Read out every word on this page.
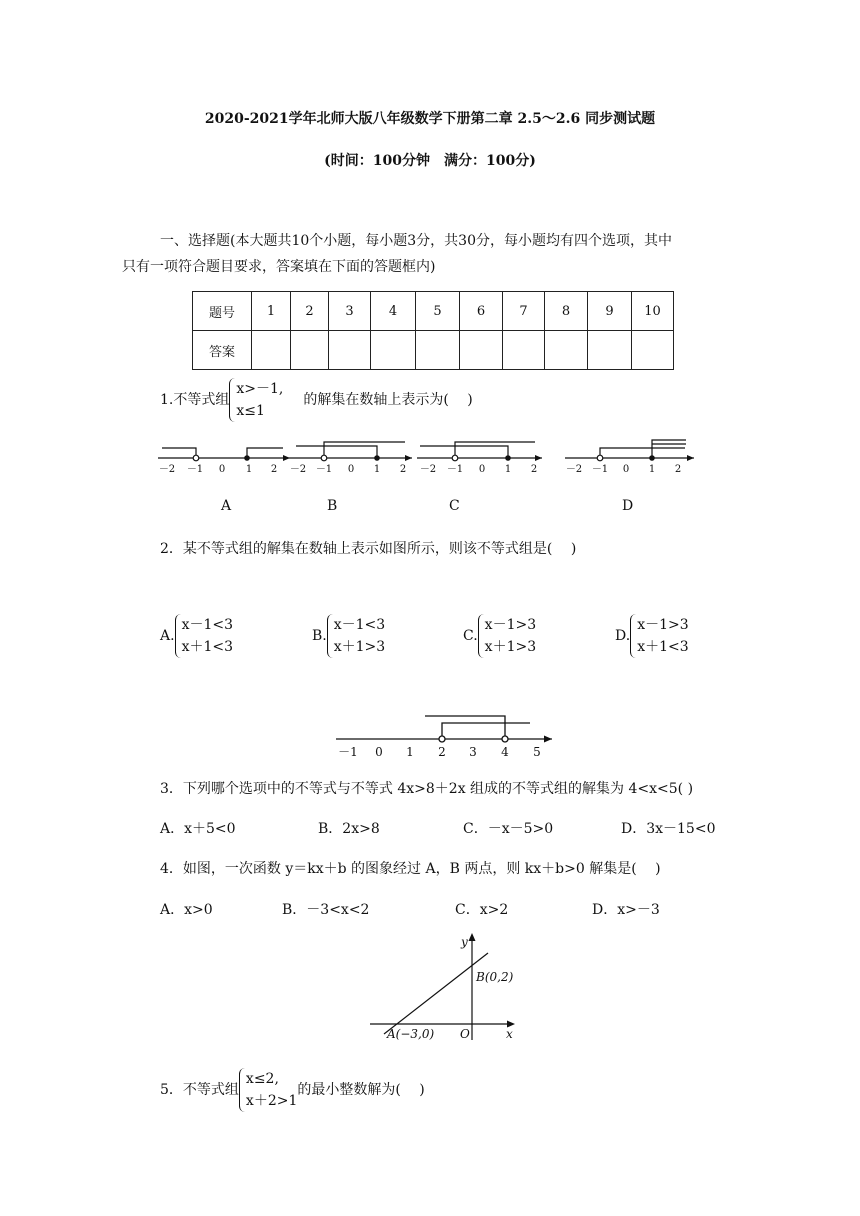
2020-2021学年北师大版八年级数学下册第二章 2.5～2.6 同步测试题
(时间：100分钟　满分：100分)
一、选择题(本大题共10个小题，每小题3分，共30分，每小题均有四个选项，其中
只有一项符合题目要求，答案填在下面的答题框内)
题号	1	2	3	4	5	6	7	8	9	10
答案										
1.不等式组
x>－1,
x≤1
的解集在数轴上表示为(　 )
－2 －1 0 1 2 －2 －1 0 1 2 －2 －1 0 1 2	－2 －1 0 1 2
A	B	C	D
2．某不等式组的解集在数轴上表示如图所示，则该不等式组是(　 )
A.
x－1<3
x＋1<3
B.
x－1<3
x＋1>3
C.
x－1>3
x＋1>3
D.
x－1>3
x＋1<3
－1 0 1 2 3 4 5
3．下列哪个选项中的不等式与不等式 4x>8＋2x 组成的不等式组的解集为 4<x<5( )
A．x＋5<0	B．2x>8	C．－x－5>0	D．3x－15<0
4．如图，一次函数 y＝kx＋b 的图象经过 A，B 两点，则 kx＋b>0 解集是(　 )
A．x>0	B．－3<x<2	C．x>2	D．x>－3
y
x
O
B(0,2)
A(−3,0)
5．不等式组
x≤2,
x＋2>1
的最小整数解为(　 )
